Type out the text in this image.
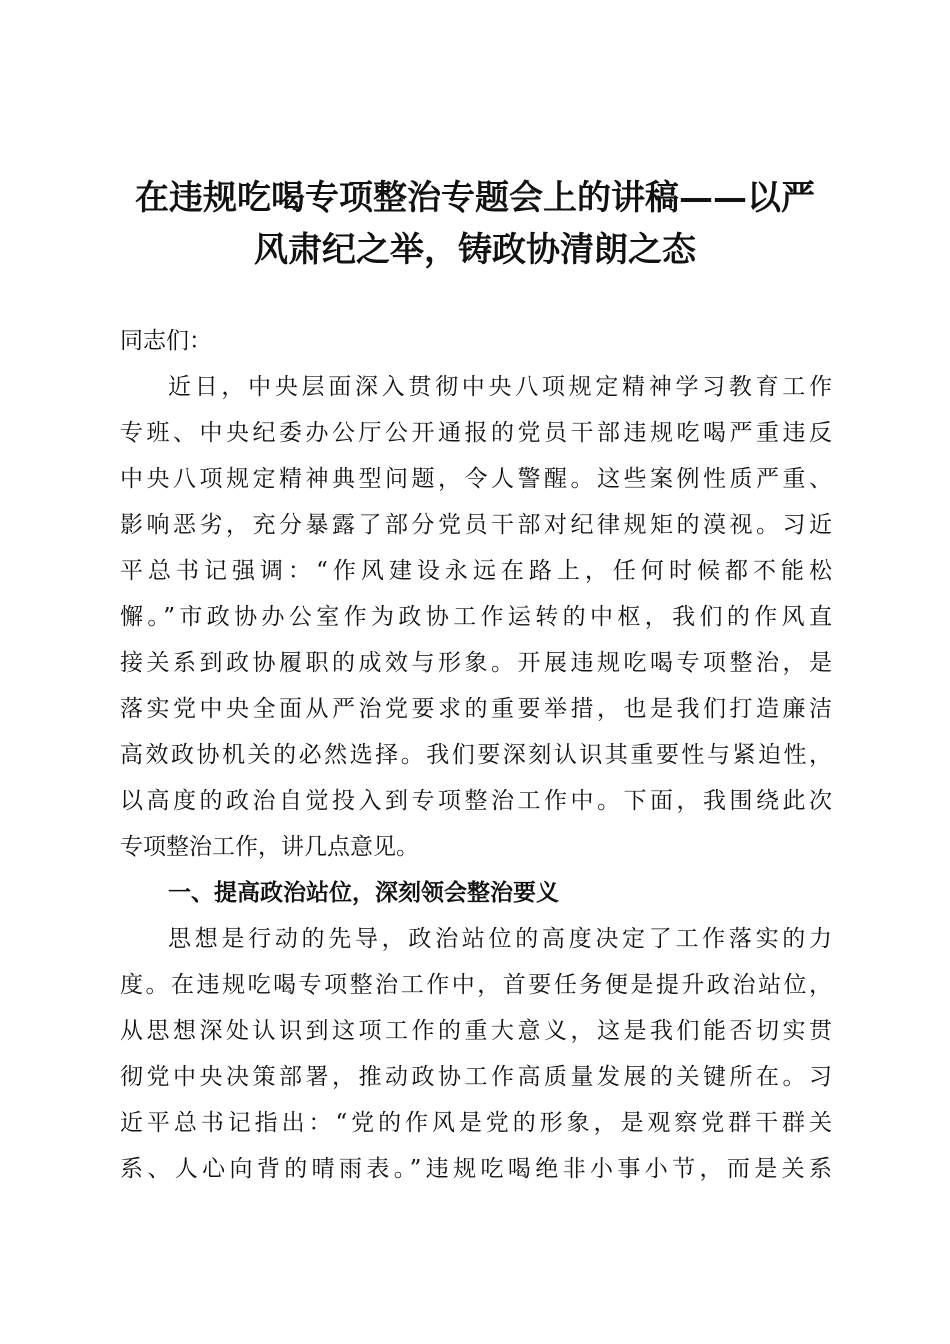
在违规吃喝专项整治专题会上的讲稿——以严
风肃纪之举，铸政协清朗之态
同志们：
近日，中央层面深入贯彻中央八项规定精神学习教育工作
专班、中央纪委办公厅公开通报的党员干部违规吃喝严重违反
中央八项规定精神典型问题，令人警醒。这些案例性质严重、
影响恶劣，充分暴露了部分党员干部对纪律规矩的漠视。习近
平总书记强调：“作风建设永远在路上，任何时候都不能松
懈。”市政协办公室作为政协工作运转的中枢，我们的作风直
接关系到政协履职的成效与形象。开展违规吃喝专项整治，是
落实党中央全面从严治党要求的重要举措，也是我们打造廉洁
高效政协机关的必然选择。我们要深刻认识其重要性与紧迫性，
以高度的政治自觉投入到专项整治工作中。下面，我围绕此次
专项整治工作，讲几点意见。
一、提高政治站位，深刻领会整治要义
思想是行动的先导，政治站位的高度决定了工作落实的力
度。在违规吃喝专项整治工作中，首要任务便是提升政治站位，
从思想深处认识到这项工作的重大意义，这是我们能否切实贯
彻党中央决策部署，推动政协工作高质量发展的关键所在。习
近平总书记指出：“党的作风是党的形象，是观察党群干群关
系、人心向背的晴雨表。”违规吃喝绝非小事小节，而是关系
